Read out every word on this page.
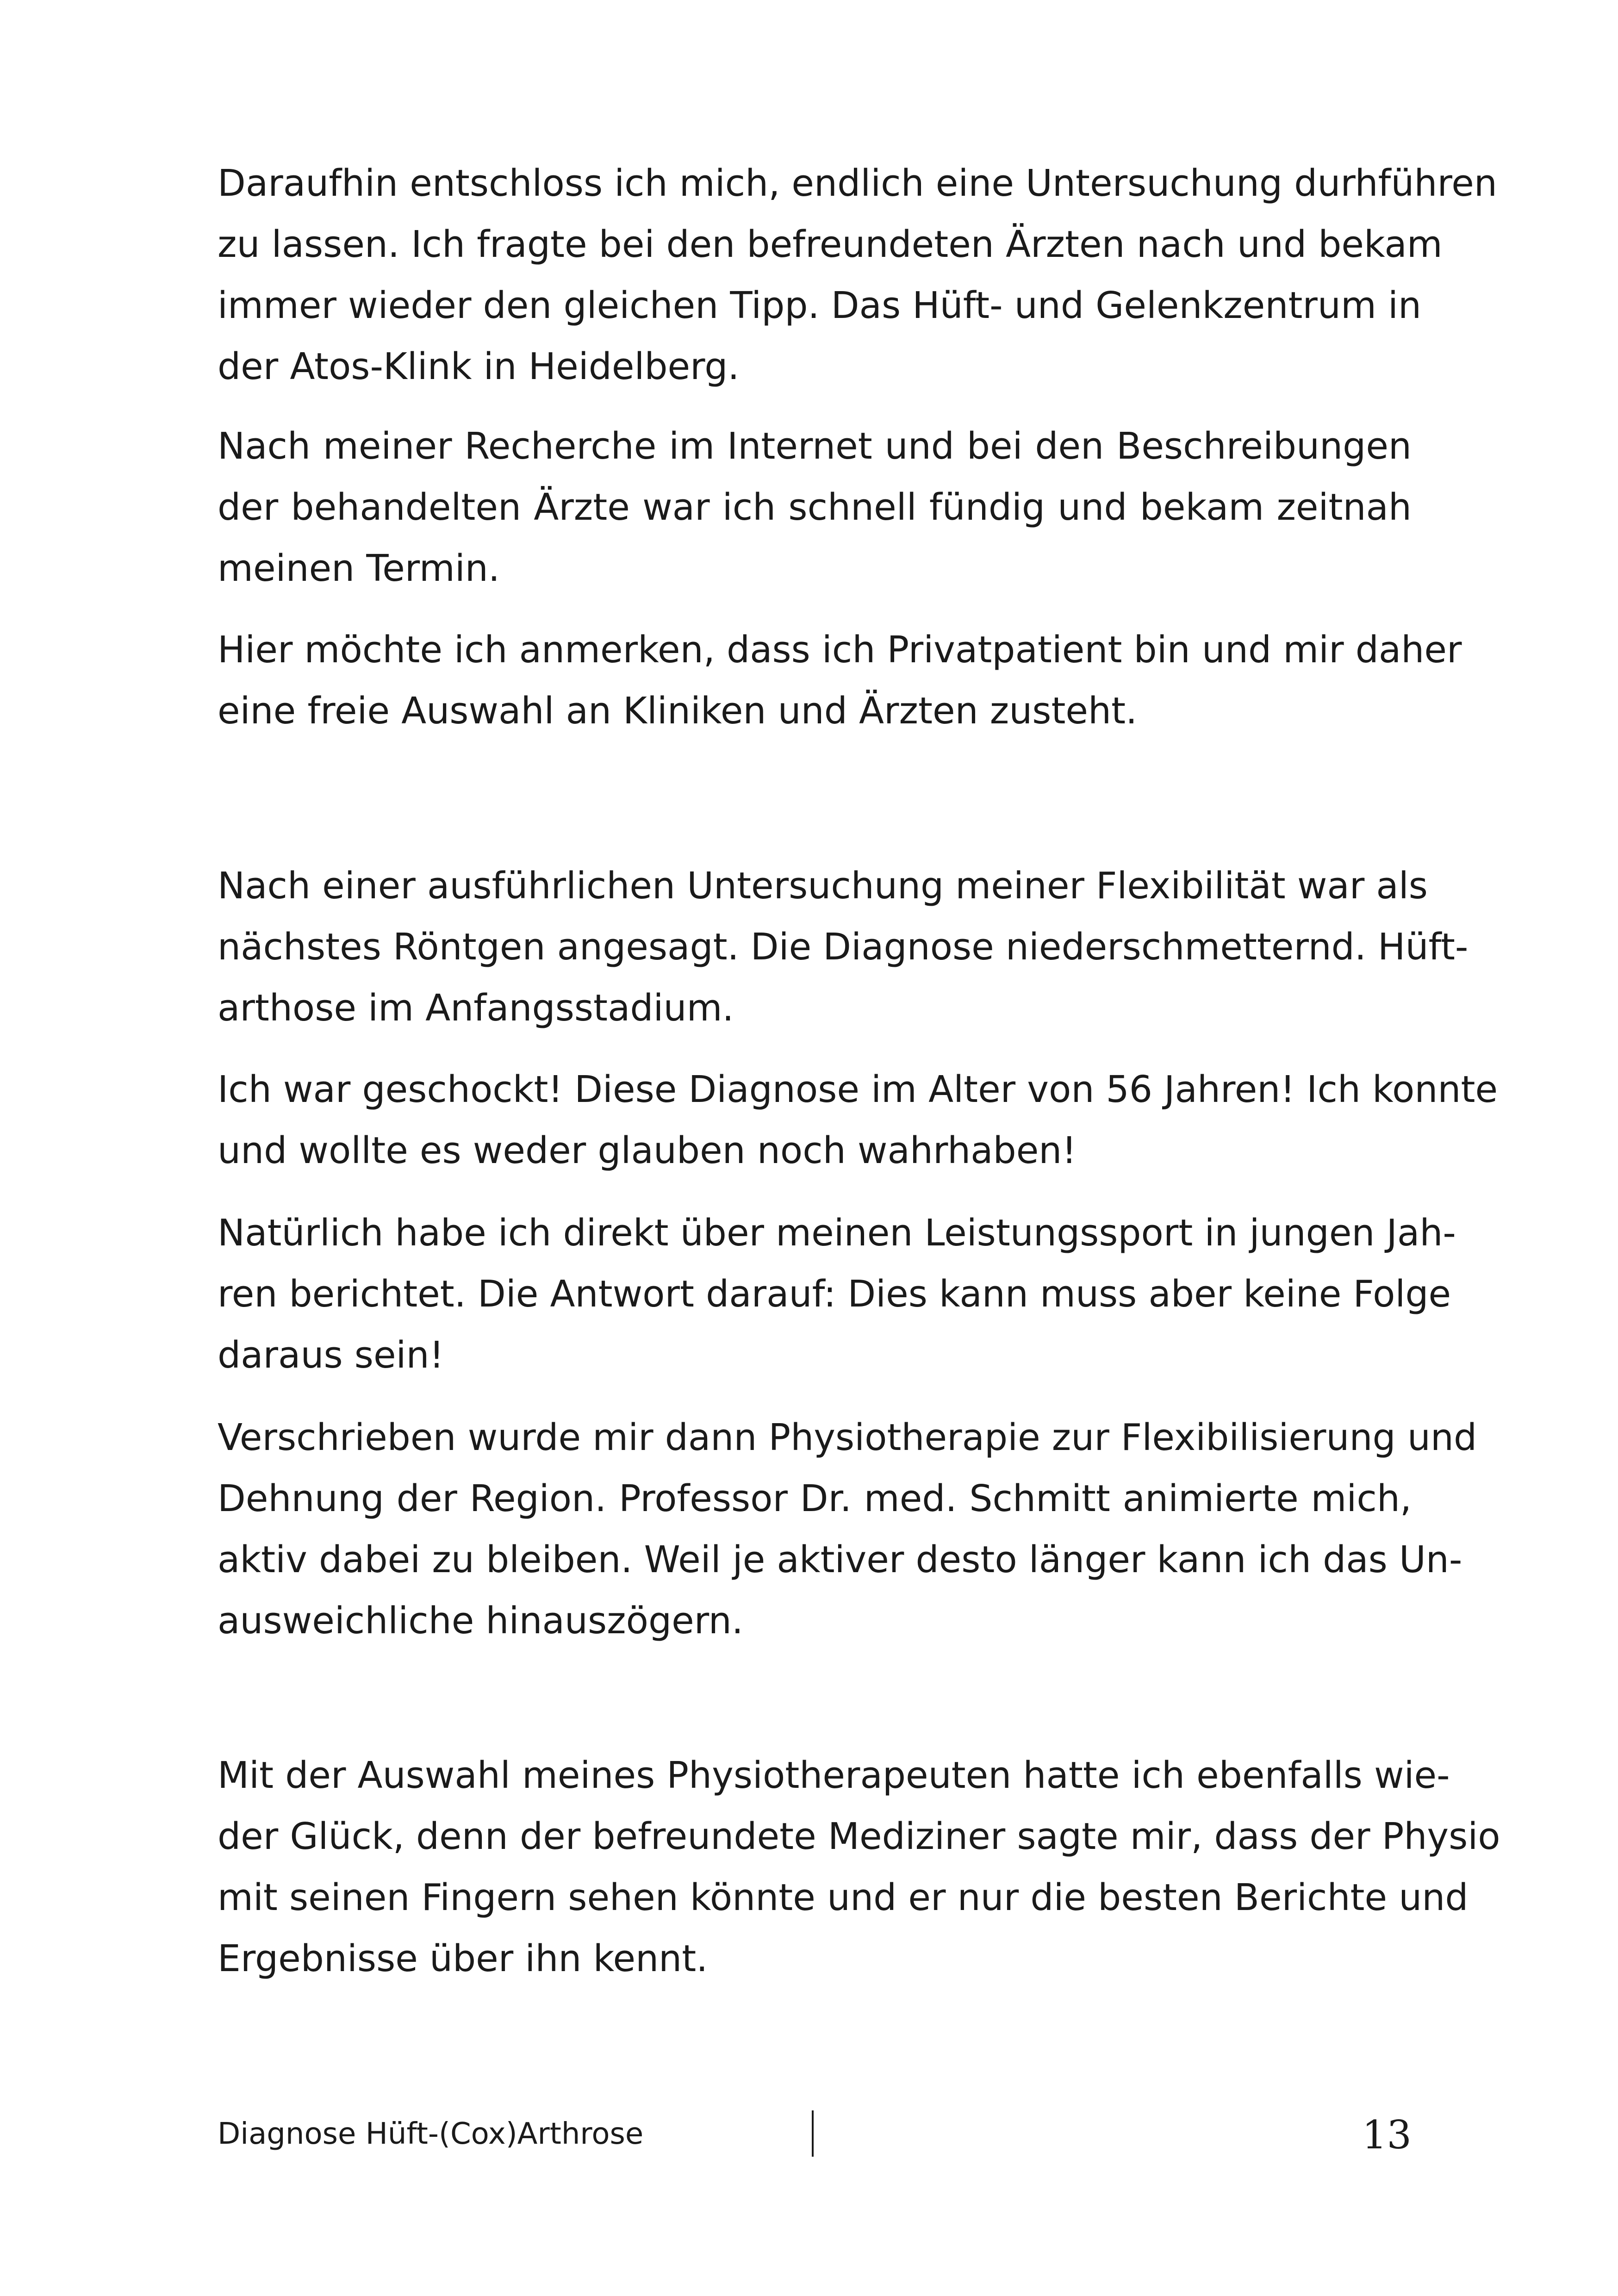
Daraufhin entschloss ich mich, endlich eine Untersuchung durhführen
zu lassen. Ich fragte bei den befreundeten Ärzten nach und bekam
immer wieder den gleichen Tipp. Das Hüft- und Gelenkzentrum in
der Atos-Klink in Heidelberg.
Nach meiner Recherche im Internet und bei den Beschreibungen
der behandelten Ärzte war ich schnell fündig und bekam zeitnah
meinen Termin.
Hier möchte ich anmerken, dass ich Privatpatient bin und mir daher
eine freie Auswahl an Kliniken und Ärzten zusteht.
Nach einer ausführlichen Untersuchung meiner Flexibilität war als
nächstes Röntgen angesagt. Die Diagnose niederschmetternd. Hüft-
arthose im Anfangsstadium.
Ich war geschockt! Diese Diagnose im Alter von 56 Jahren! Ich konnte
und wollte es weder glauben noch wahrhaben!
Natürlich habe ich direkt über meinen Leistungssport in jungen Jah-
ren berichtet. Die Antwort darauf: Dies kann muss aber keine Folge
daraus sein!
Verschrieben wurde mir dann Physiotherapie zur Flexibilisierung und
Dehnung der Region. Professor Dr. med. Schmitt animierte mich,
aktiv dabei zu bleiben. Weil je aktiver desto länger kann ich das Un-
ausweichliche hinauszögern.
Mit der Auswahl meines Physiotherapeuten hatte ich ebenfalls wie-
der Glück, denn der befreundete Mediziner sagte mir, dass der Physio
mit seinen Fingern sehen könnte und er nur die besten Berichte und
Ergebnisse über ihn kennt.
Diagnose Hüft-(Cox)Arthrose	13
